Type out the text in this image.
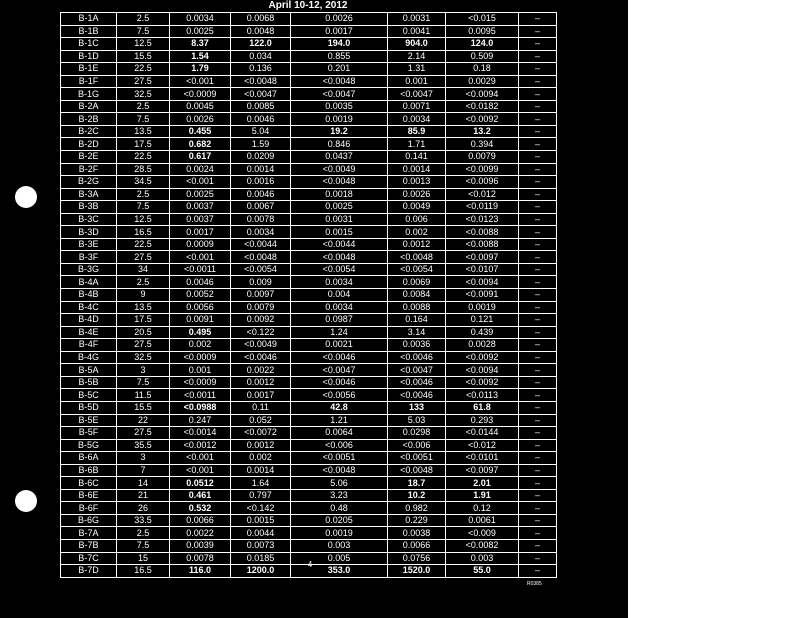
April 10-12, 2012
B-1A	2.5	0.0034	0.0068	0.0026	0.0031	<0.015	–
B-1B	7.5	0.0025	0.0048	0.0017	0.0041	0.0095	–
B-1C	12.5	8.37	122.0	194.0	904.0	124.0	–
B-1D	15.5	1.54	0.034	0.855	2.14	0.509	–
B-1E	22.5	1.79	0.136	0.201	1.31	0.18	–
B-1F	27.5	<0.001	<0.0048	<0.0048	0.001	0.0029	–
B-1G	32.5	<0.0009	<0.0047	<0.0047	<0.0047	<0.0094	–
B-2A	2.5	0.0045	0.0085	0.0035	0.0071	<0.0182	–
B-2B	7.5	0.0026	0.0046	0.0019	0.0034	<0.0092	–
B-2C	13.5	0.455	5.04	19.2	85.9	13.2	–
B-2D	17.5	0.682	1.59	0.846	1.71	0.394	–
B-2E	22.5	0.617	0.0209	0.0437	0.141	0.0079	–
B-2F	28.5	0.0024	0.0014	<0.0049	0.0014	<0.0099	–
B-2G	34.5	<0.001	0.0016	<0.0048	0.0013	<0.0096	–
B-3A	2.5	0.0025	0.0046	0.0018	0.0026	<0.012	–
B-3B	7.5	0.0037	0.0067	0.0025	0.0049	<0.0119	–
B-3C	12.5	0.0037	0.0078	0.0031	0.006	<0.0123	–
B-3D	16.5	0.0017	0.0034	0.0015	0.002	<0.0088	–
B-3E	22.5	0.0009	<0.0044	<0.0044	0.0012	<0.0088	–
B-3F	27.5	<0.001	<0.0048	<0.0048	<0.0048	<0.0097	–
B-3G	34	<0.0011	<0.0054	<0.0054	<0.0054	<0.0107	–
B-4A	2.5	0.0046	0.009	0.0034	0.0069	<0.0094	–
B-4B	9	0.0052	0.0097	0.004	0.0084	<0.0091	–
B-4C	13.5	0.0056	0.0079	0.0034	0.0088	0.0019	–
B-4D	17.5	0.0091	0.0092	0.0987	0.164	0.121	–
B-4E	20.5	0.495	<0.122	1.24	3.14	0.439	–
B-4F	27.5	0.002	<0.0049	0.0021	0.0036	0.0028	–
B-4G	32.5	<0.0009	<0.0046	<0.0046	<0.0046	<0.0092	–
B-5A	3	0.001	0.0022	<0.0047	<0.0047	<0.0094	–
B-5B	7.5	<0.0009	0.0012	<0.0046	<0.0046	<0.0092	–
B-5C	11.5	<0.0011	0.0017	<0.0056	<0.0046	<0.0113	–
B-5D	15.5	<0.0988	0.11	42.8	133	61.8	–
B-5E	22	0.247	0.052	1.21	5.03	0.293	–
B-5F	27.5	<0.0014	<0.0072	0.0064	0.0298	<0.0144	–
B-5G	35.5	<0.0012	0.0012	<0.006	<0.006	<0.012	–
B-6A	3	<0.001	0.002	<0.0051	<0.0051	<0.0101	–
B-6B	7	<0.001	0.0014	<0.0048	<0.0048	<0.0097	–
B-6C	14	0.0512	1.64	5.06	18.7	2.01	–
B-6E	21	0.461	0.797	3.23	10.2	1.91	–
B-6F	26	0.532	<0.142	0.48	0.982	0.12	–
B-6G	33.5	0.0066	0.0015	0.0205	0.229	0.0061	–
B-7A	2.5	0.0022	0.0044	0.0019	0.0038	<0.009	–
B-7B	7.5	0.0039	0.0073	0.003	0.0066	<0.0082	–
B-7C	15	0.0078	0.0185	0.005	0.0756	0.003	–
B-7D	16.5	116.0	1200.0	353.0	1520.0	55.0	–
4
R0385
